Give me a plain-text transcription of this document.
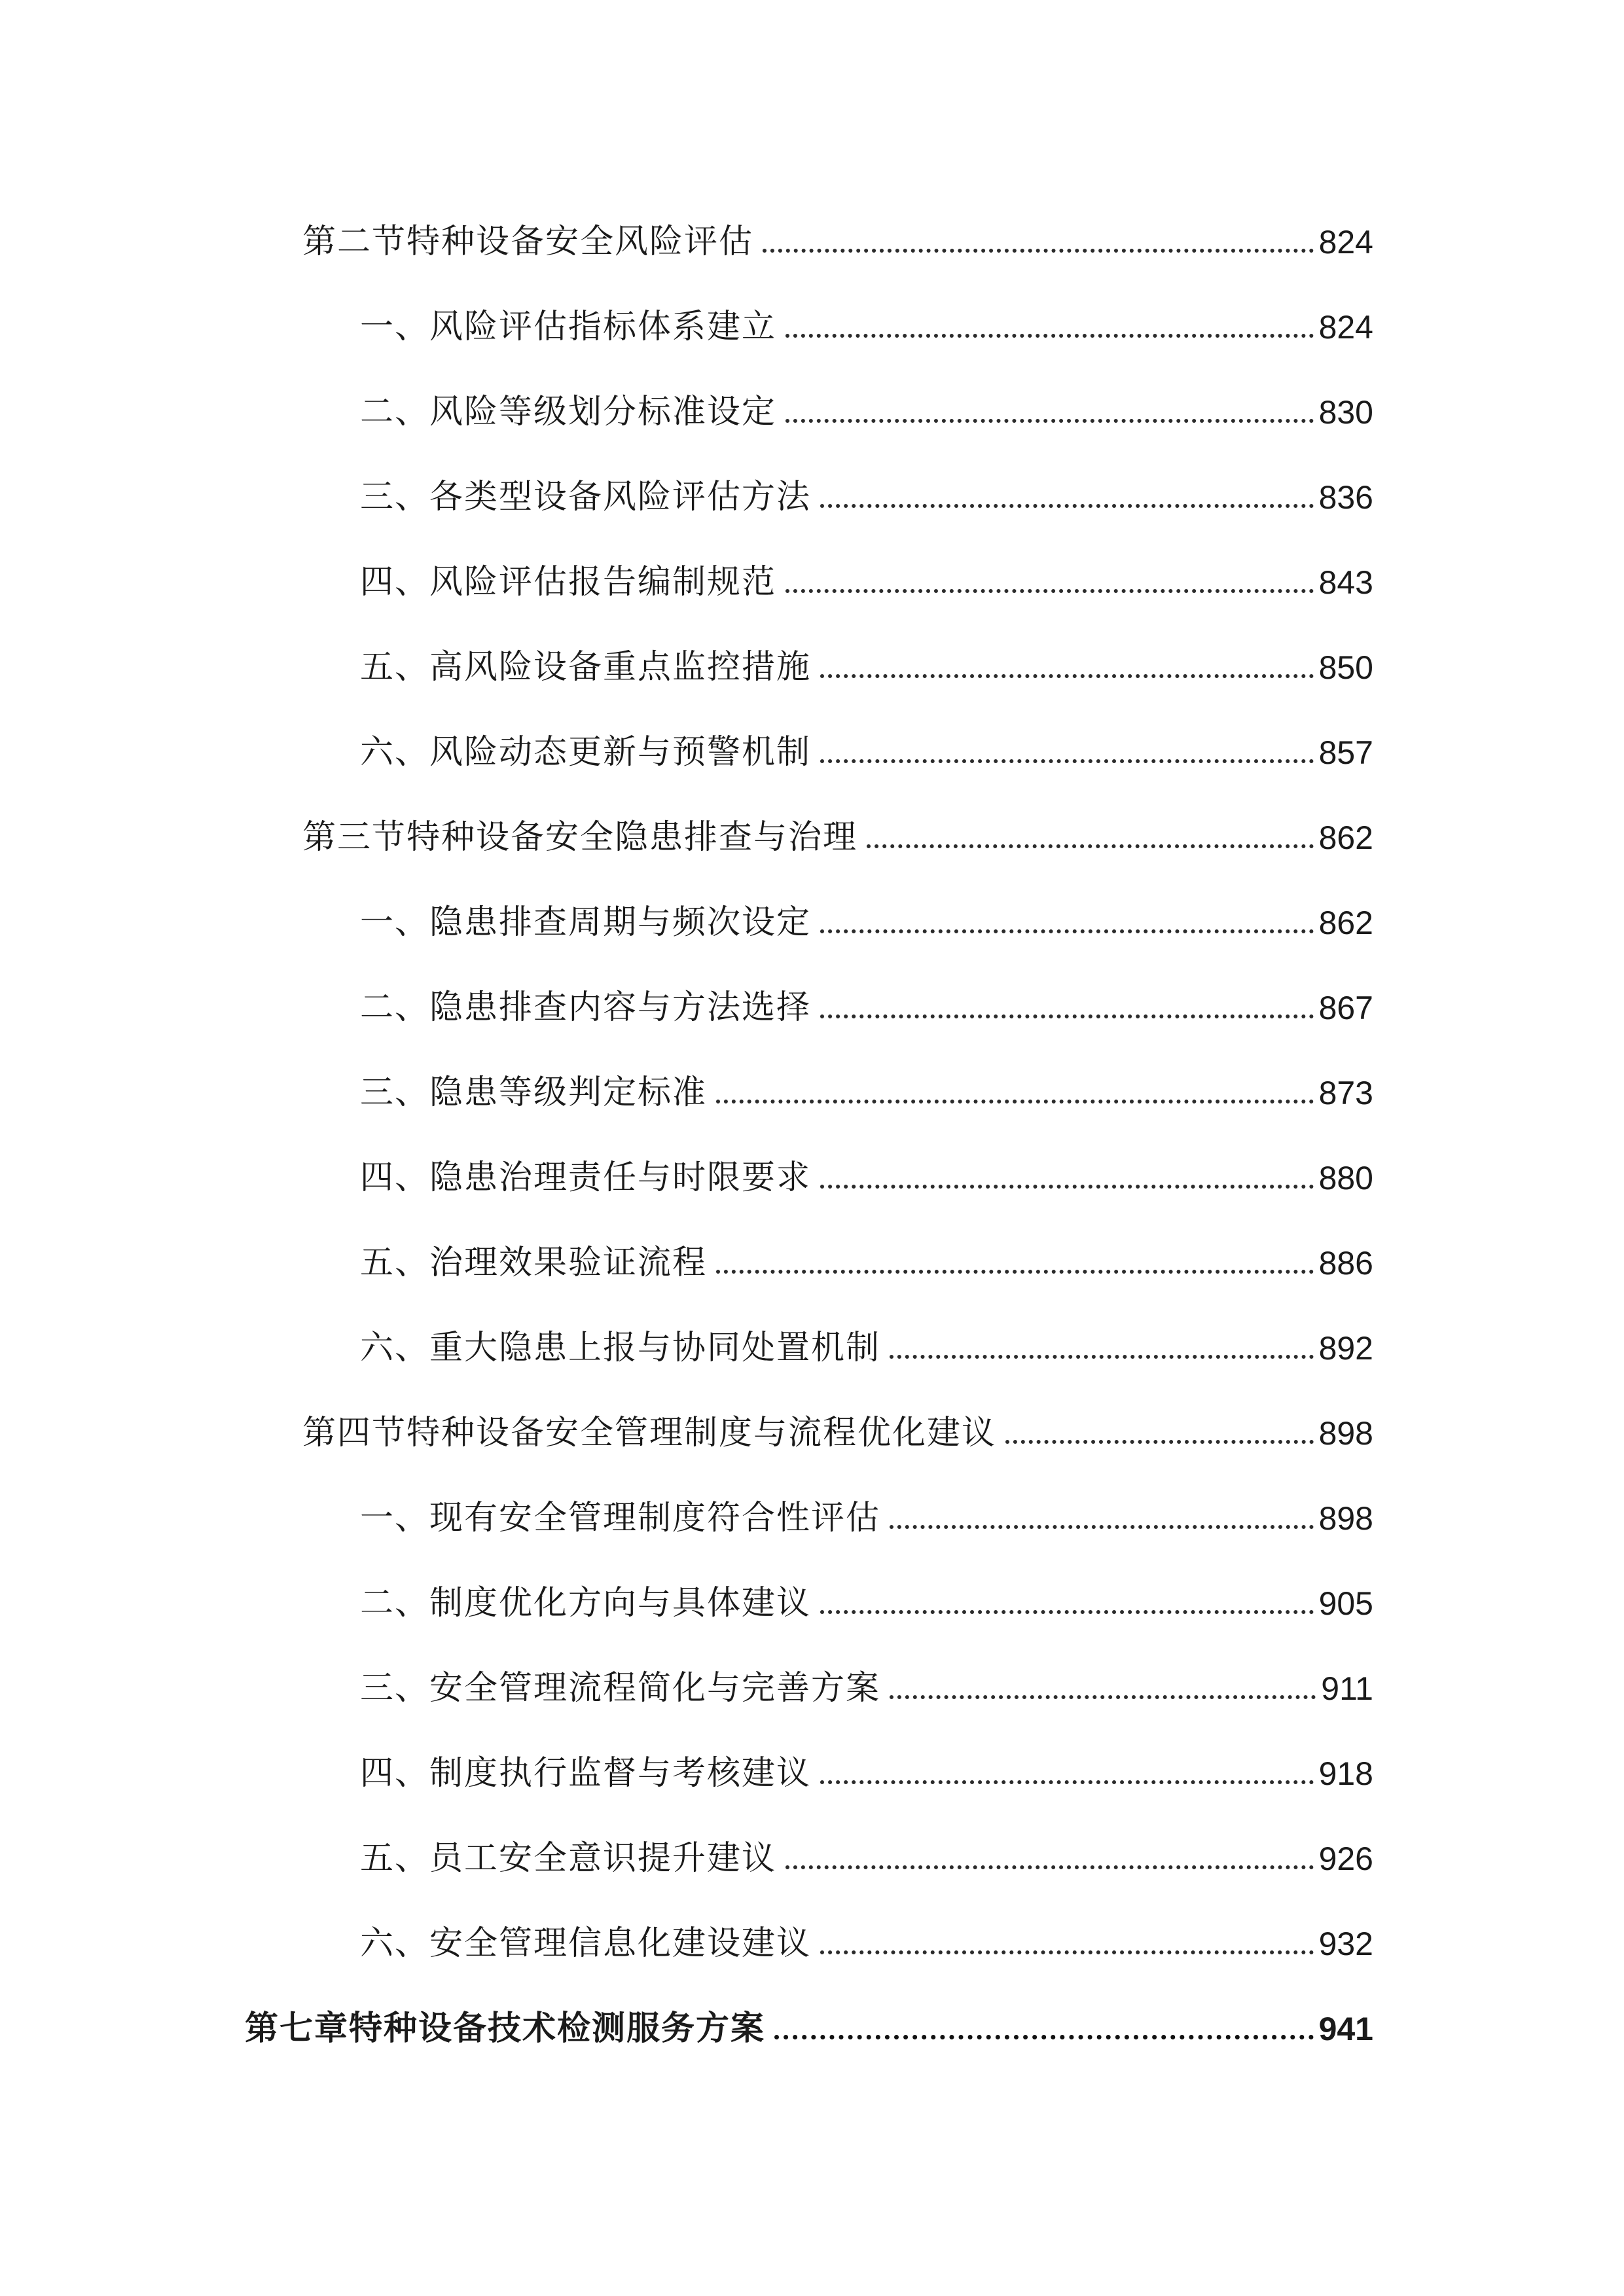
第二节特种设备安全风险评估	824
一、风险评估指标体系建立	824
二、风险等级划分标准设定	830
三、各类型设备风险评估方法	836
四、风险评估报告编制规范	843
五、高风险设备重点监控措施	850
六、风险动态更新与预警机制	857
第三节特种设备安全隐患排查与治理	862
一、隐患排查周期与频次设定	862
二、隐患排查内容与方法选择	867
三、隐患等级判定标准	873
四、隐患治理责任与时限要求	880
五、治理效果验证流程	886
六、重大隐患上报与协同处置机制	892
第四节特种设备安全管理制度与流程优化建议	898
一、现有安全管理制度符合性评估	898
二、制度优化方向与具体建议	905
三、安全管理流程简化与完善方案	911
四、制度执行监督与考核建议	918
五、员工安全意识提升建议	926
六、安全管理信息化建设建议	932
第七章特种设备技术检测服务方案	941
